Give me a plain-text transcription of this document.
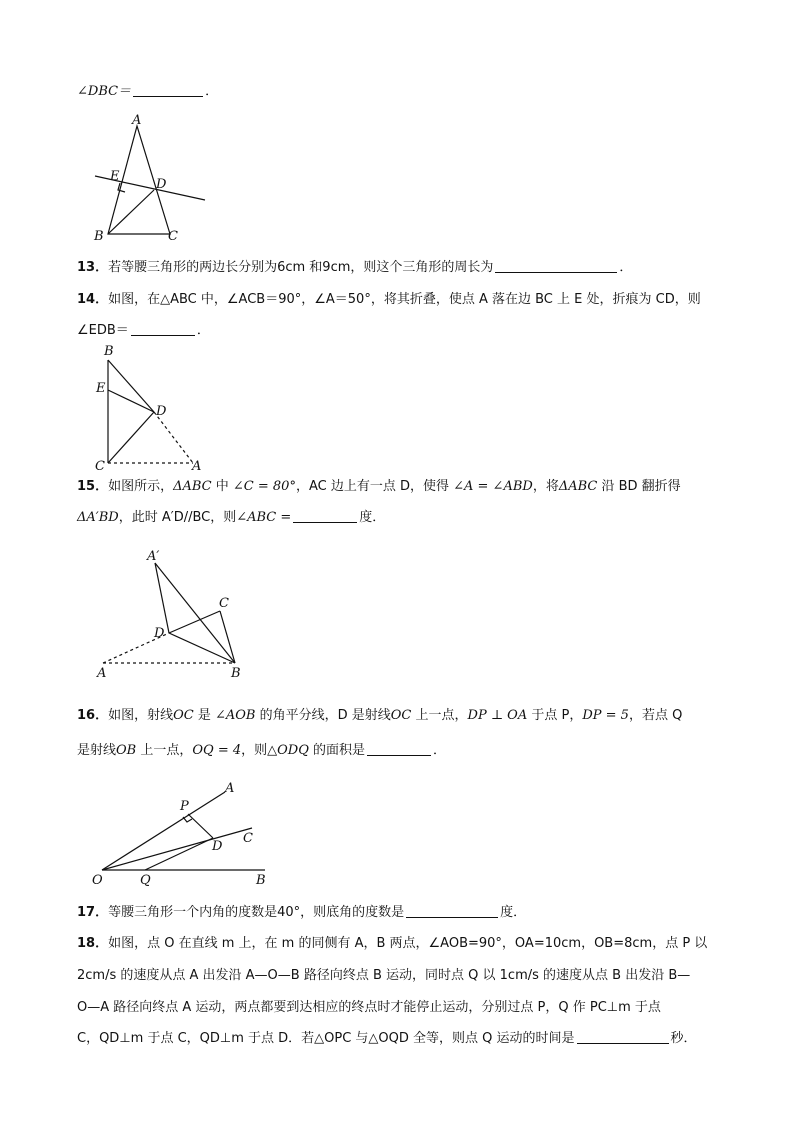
∠DBC＝	．
A
E
D
B	C
13．若等腰三角形的两边长分别为6cm 和9cm，则这个三角形的周长为	．
14．如图，在△ABC 中，∠ACB＝90°，∠A＝50°，将其折叠，使点 A 落在边 BC 上 E 处，折痕为 CD，则
∠EDB＝	．
B
E
D
C	A
15．如图所示，ΔABC 中 ∠C = 80°，AC 边上有一点 D，使得 ∠A = ∠ABD，将ΔABC 沿 BD 翻折得
ΔA′BD，此时 A′D//BC，则∠ABC =	度．
A′
C
D
A	B
16．如图，射线OC 是 ∠AOB 的角平分线，D 是射线OC 上一点，DP ⊥ OA 于点 P，DP = 5，若点 Q
是射线OB 上一点，OQ = 4，则△ODQ 的面积是	．
O	Q	B
A
C
P
D
17．等腰三角形一个内角的度数是40°，则底角的度数是	度．
18．如图，点 O 在直线 m 上，在 m 的同侧有 A，B 两点，∠AOB=90°，OA=10cm，OB=8cm，点 P 以
2cm/s 的速度从点 A 出发沿 A—O—B 路径向终点 B 运动，同时点 Q 以 1cm/s 的速度从点 B 出发沿 B—
O—A 路径向终点 A 运动，两点都要到达相应的终点时才能停止运动，分别过点 P，Q 作 PC⊥m 于点
C，QD⊥m 于点 C，QD⊥m 于点 D．若△OPC 与△OQD 全等，则点 Q 运动的时间是	秒．
